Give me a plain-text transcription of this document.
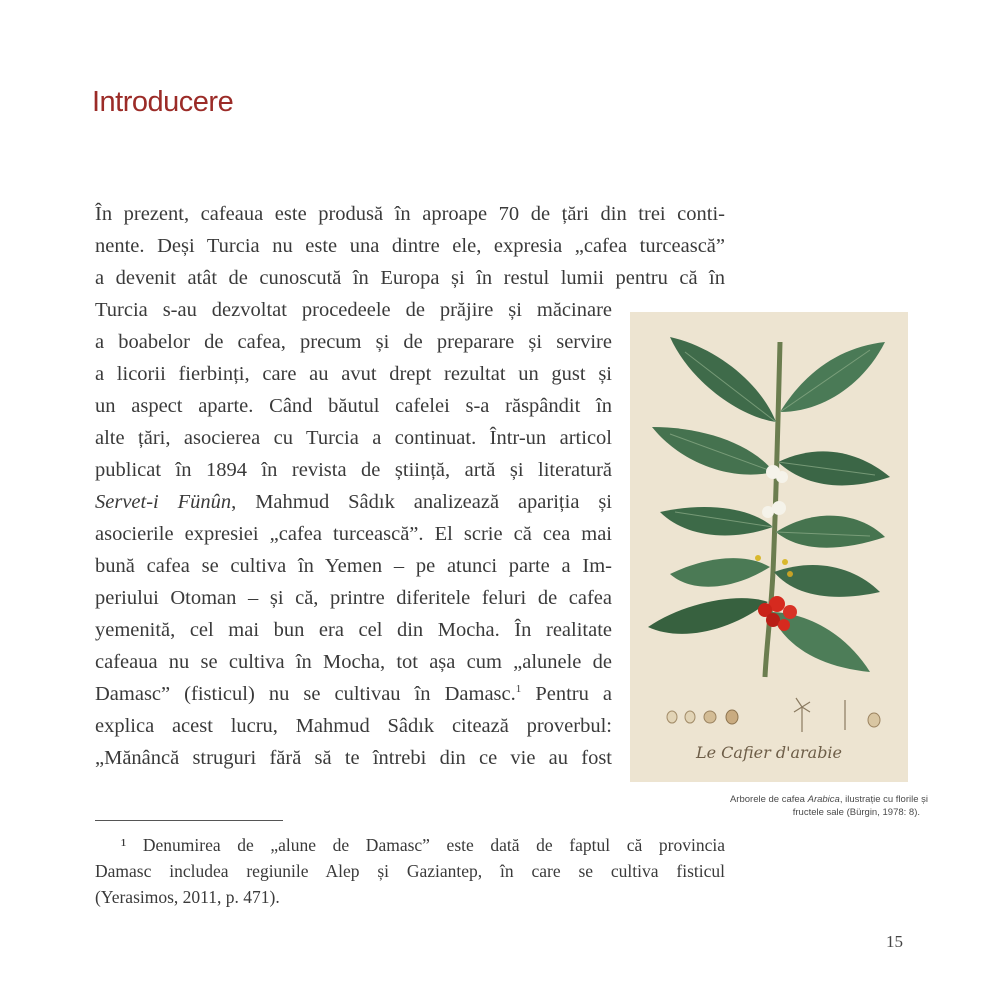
Introducere
În prezent, cafeaua este produsă în aproape 70 de țări din trei conti-
nente. Deși Turcia nu este una dintre ele, expresia „cafea turcească”
a devenit atât de cunoscută în Europa și în restul lumii pentru că în
Turcia s-au dezvoltat procedeele de prăjire și măcinare
a boabelor de cafea, precum și de preparare și servire
a licorii fierbinți, care au avut drept rezultat un gust și
un aspect aparte. Când băutul cafelei s-a răspândit în
alte țări, asocierea cu Turcia a continuat. Într-un articol
publicat în 1894 în revista de știință, artă și literatură
Servet-i Fünûn, Mahmud Sâdık analizează apariția și
asocierile expresiei „cafea turcească”. El scrie că cea mai
bună cafea se cultiva în Yemen – pe atunci parte a Im-
periului Otoman – și că, printre diferitele feluri de cafea
yemenită, cel mai bun era cel din Mocha. În realitate
cafeaua nu se cultiva în Mocha, tot așa cum „alunele de
Damasc” (fisticul) nu se cultivau în Damasc.$^1$ Pentru a
explica acest lucru, Mahmud Sâdık citează proverbul:
„Mănâncă struguri fără să te întrebi din ce vie au fost	Le Cafier d'arabie
Arborele de cafea Arabica, ilustrație cu florile și
fructele sale (Bürgin, 1978: 8).
¹ Denumirea de „alune de Damasc” este dată de faptul că provincia
Damasc includea regiunile Alep și Gaziantep, în care se cultiva fisticul
(Yerasimos, 2011, p. 471).
15
